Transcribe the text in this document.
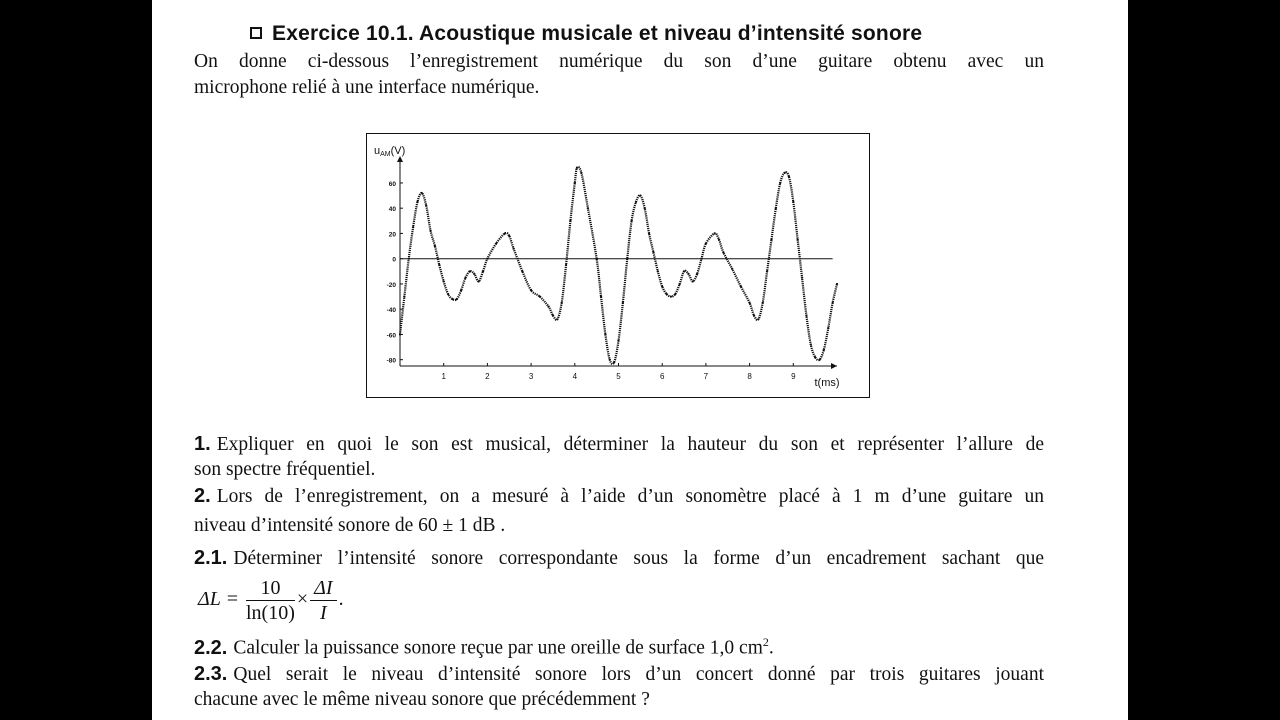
Exercice 10.1. Acoustique musicale et niveau d’intensité sonore
On donne ci-dessous l’enregistrement numérique du son d’une guitare obtenu avec un
microphone relié à une interface numérique.
1	2	3	4	5	6	7	8	9
60
40
20
0
-20
-40
-60
-80
uAM(V)
t(ms)
1. Expliquer en quoi le son est musical, déterminer la hauteur du son et représenter l’allure de
son spectre fréquentiel.
2. Lors de l’enregistrement, on a mesuré à l’aide d’un sonomètre placé à 1 m d’une guitare un
niveau d’intensité sonore de 60 ± 1 dB .
2.1. Déterminer l’intensité sonore correspondante sous la forme d’un encadrement sachant que
$\Delta L = \frac{10}{\ln(10)} \times \frac{\Delta I}{I}$ .
2.2. Calculer la puissance sonore reçue par une oreille de surface 1,0 $cm^2$.
2.3. Quel serait le niveau d’intensité sonore lors d’un concert donné par trois guitares jouant
chacune avec le même niveau sonore que précédemment ?
